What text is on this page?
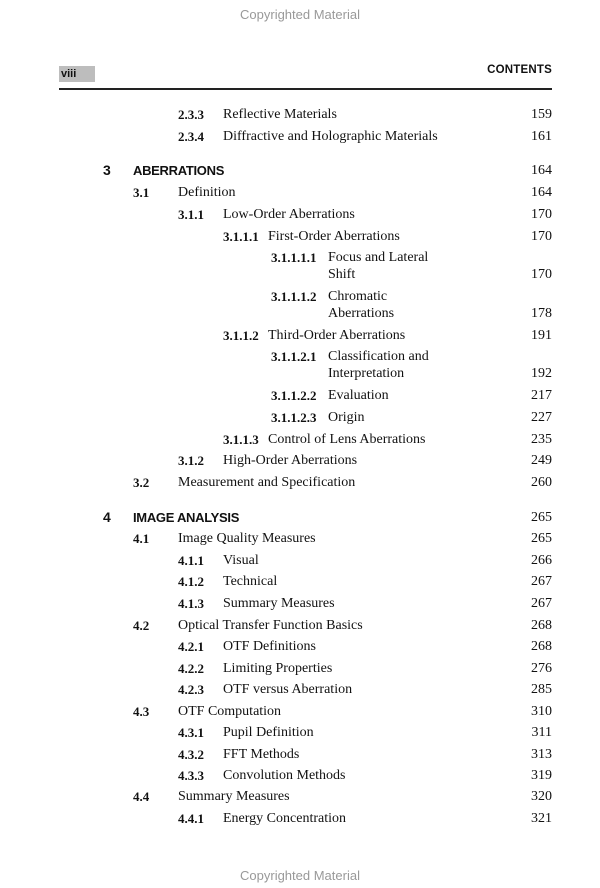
Copyrighted Material
viii	CONTENTS
2.3.3 Reflective Materials	159
2.3.4 Diffractive and Holographic Materials	161
3 ABERRATIONS	164
3.1 Definition	164
3.1.1 Low-Order Aberrations	170
3.1.1.1 First-Order Aberrations	170
3.1.1.1.1 Focus and Lateral
Shift	170
3.1.1.1.2 Chromatic
Aberrations	178
3.1.1.2 Third-Order Aberrations	191
3.1.1.2.1 Classification and
Interpretation	192
3.1.1.2.2 Evaluation	217
3.1.1.2.3 Origin	227
3.1.1.3 Control of Lens Aberrations	235
3.1.2 High-Order Aberrations	249
3.2 Measurement and Specification	260
4 IMAGE ANALYSIS	265
4.1 Image Quality Measures	265
4.1.1 Visual	266
4.1.2 Technical	267
4.1.3 Summary Measures	267
4.2 Optical Transfer Function Basics	268
4.2.1 OTF Definitions	268
4.2.2 Limiting Properties	276
4.2.3 OTF versus Aberration	285
4.3 OTF Computation	310
4.3.1 Pupil Definition	311
4.3.2 FFT Methods	313
4.3.3 Convolution Methods	319
4.4 Summary Measures	320
4.4.1 Energy Concentration	321
Copyrighted Material
